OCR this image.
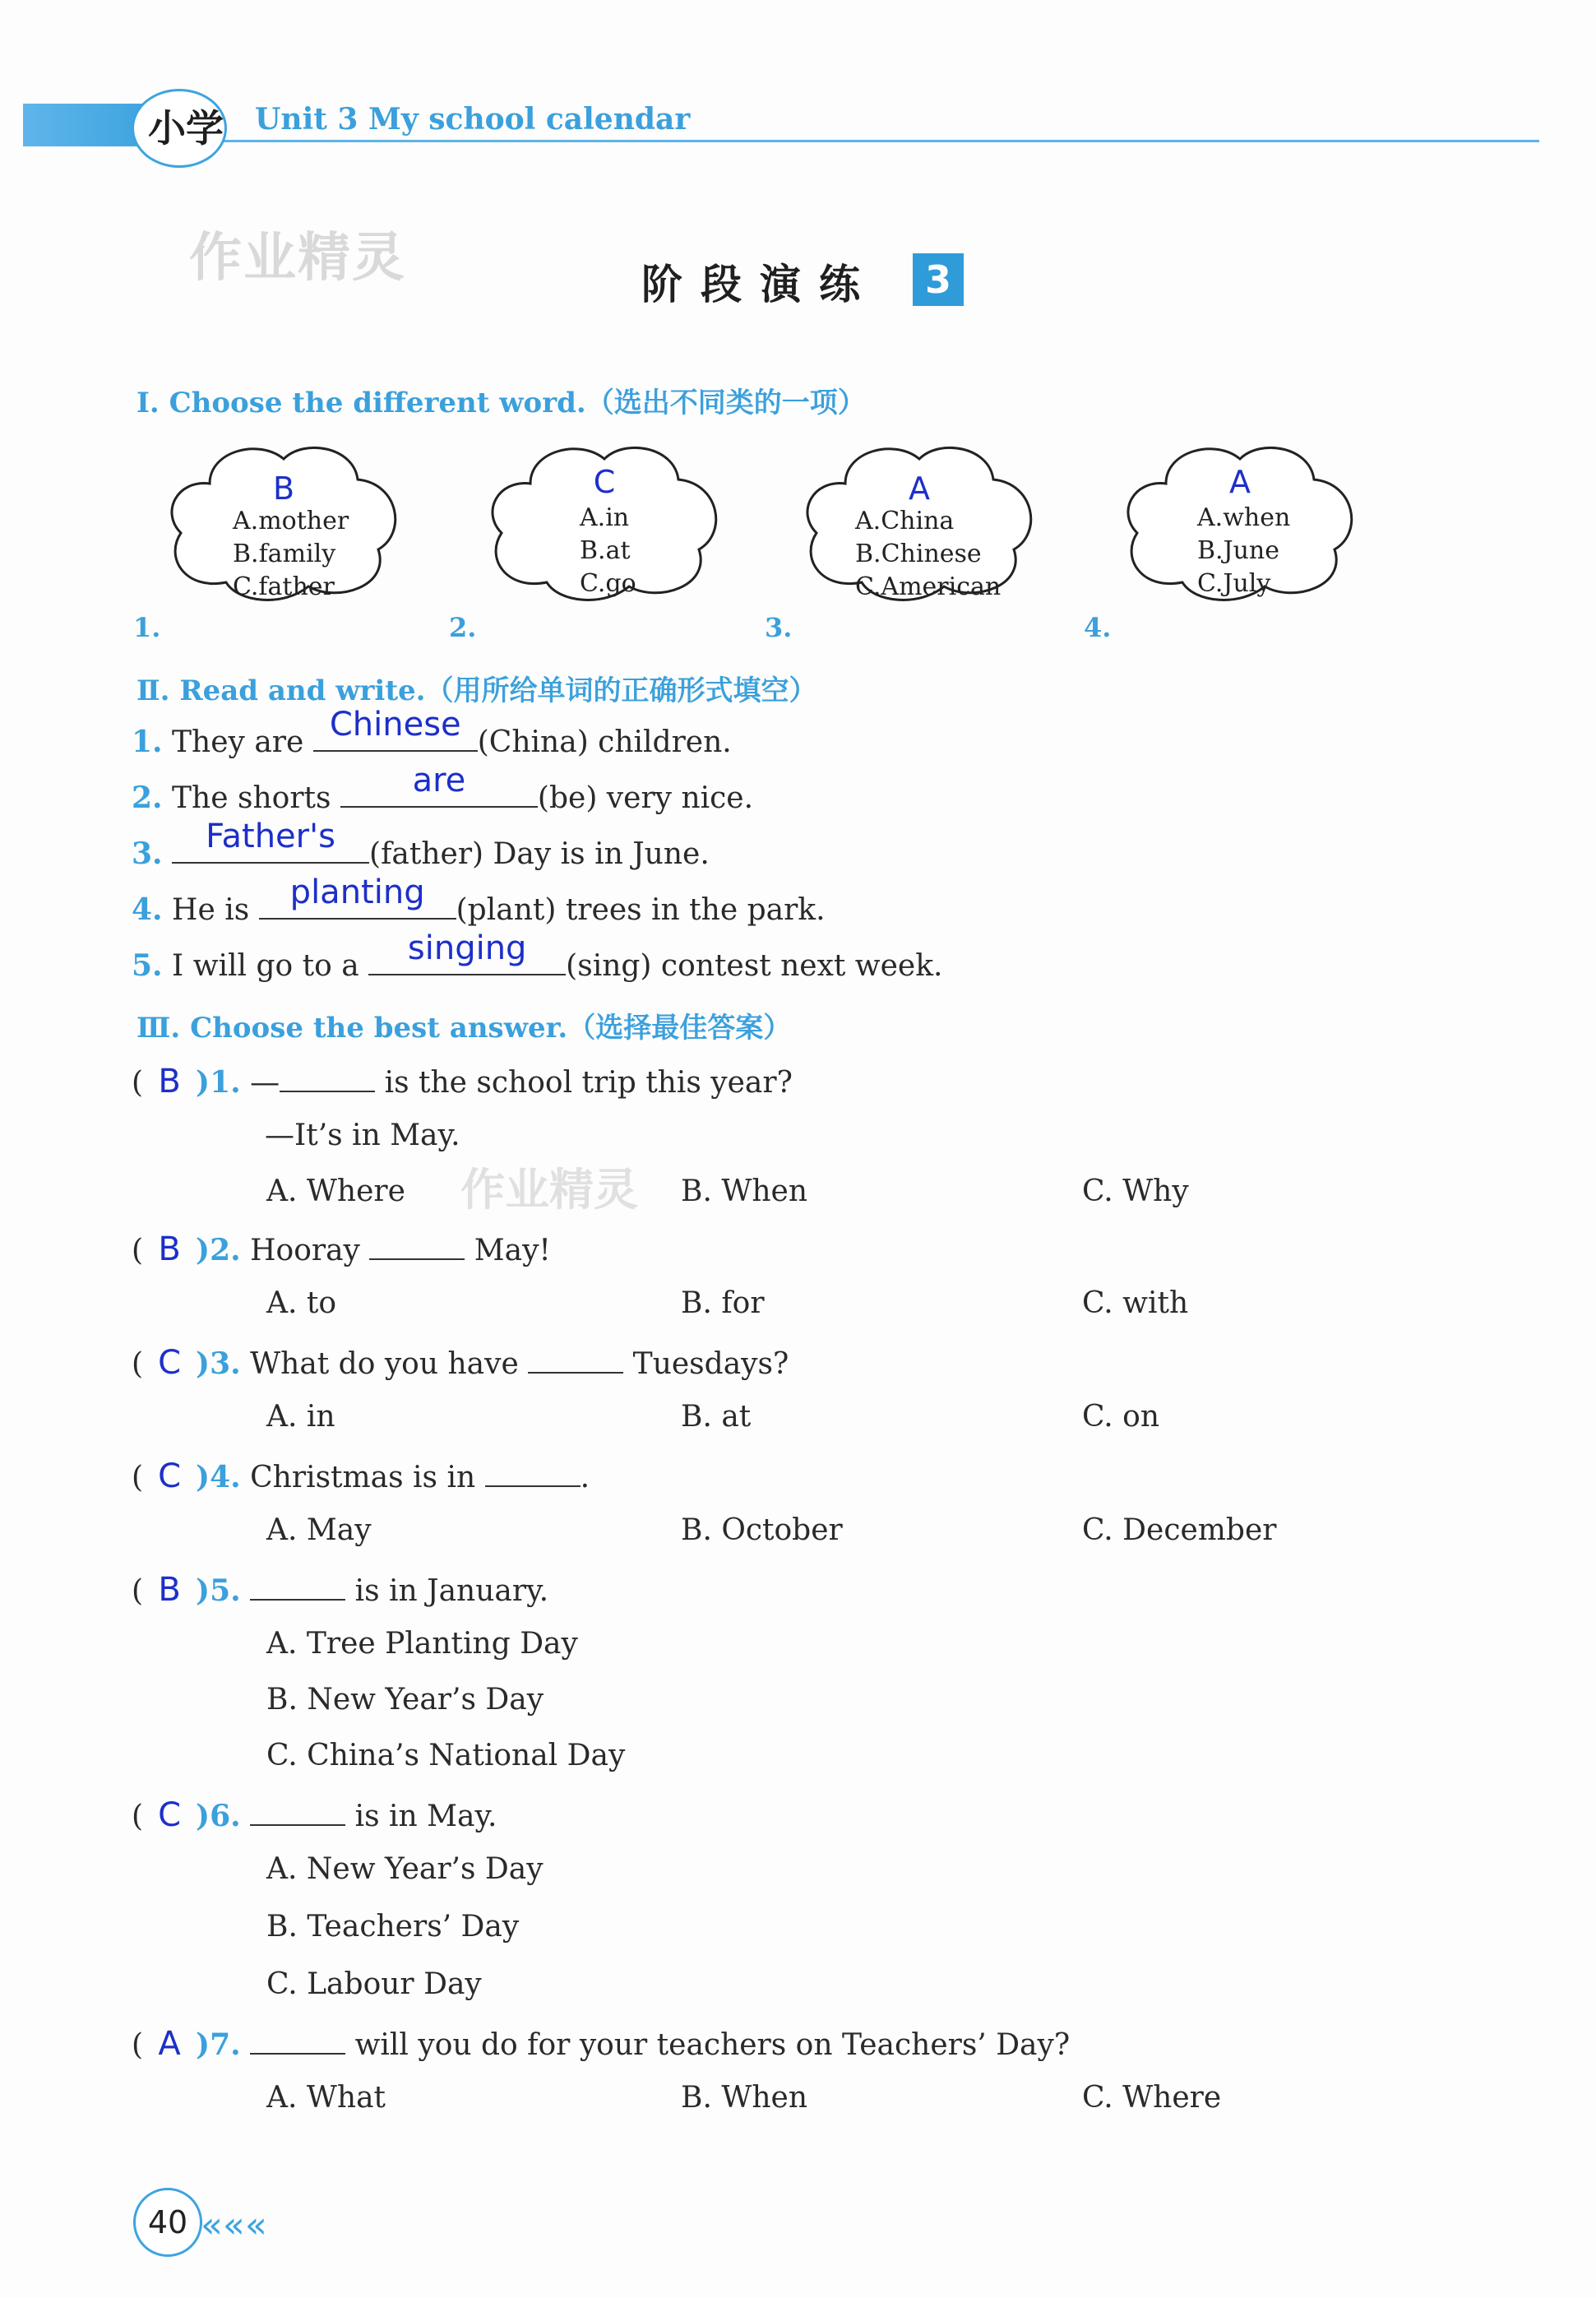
小学 Unit 3 My school calendar
作业精灵
作业精灵
阶段演练	3
Ⅰ. Choose the different word.（选出不同类的一项）
B
A.mother
B.family
C.father
1.
C
A.in
B.at
C.go
2.
A
A.China
B.Chinese
C.American
3.
A
A.when
B.June
C.July
4.
Ⅱ. Read and write.（用所给单词的正确形式填空）
1. They are Chinese (China) children.
2. The shorts	are	(be) very nice.
3.	Father's	(father) Day is in June.
4. He is planting	(plant) trees in the park.
5. I will go to a	singing	(sing) contest next week.
Ⅲ. Choose the best answer.（选择最佳答案）
( B )1. —	is the school trip this year?
—It’s in May.
A. Where	B. When	C. Why
( B )2. Hooray	May!
A. to	B. for	C. with
( C )3. What do you have	Tuesdays?
A. in	B. at	C. on
( C )4. Christmas is in	.
A. May	B. October	C. December
( B )5.	is in January.
A. Tree Planting Day
B. New Year’s Day
C. China’s National Day
( C )6.	is in May.
A. New Year’s Day
B. Teachers’ Day
C. Labour Day
( A )7.	will you do for your teachers on Teachers’ Day?
A. What	B. When	C. Where
40 «««
